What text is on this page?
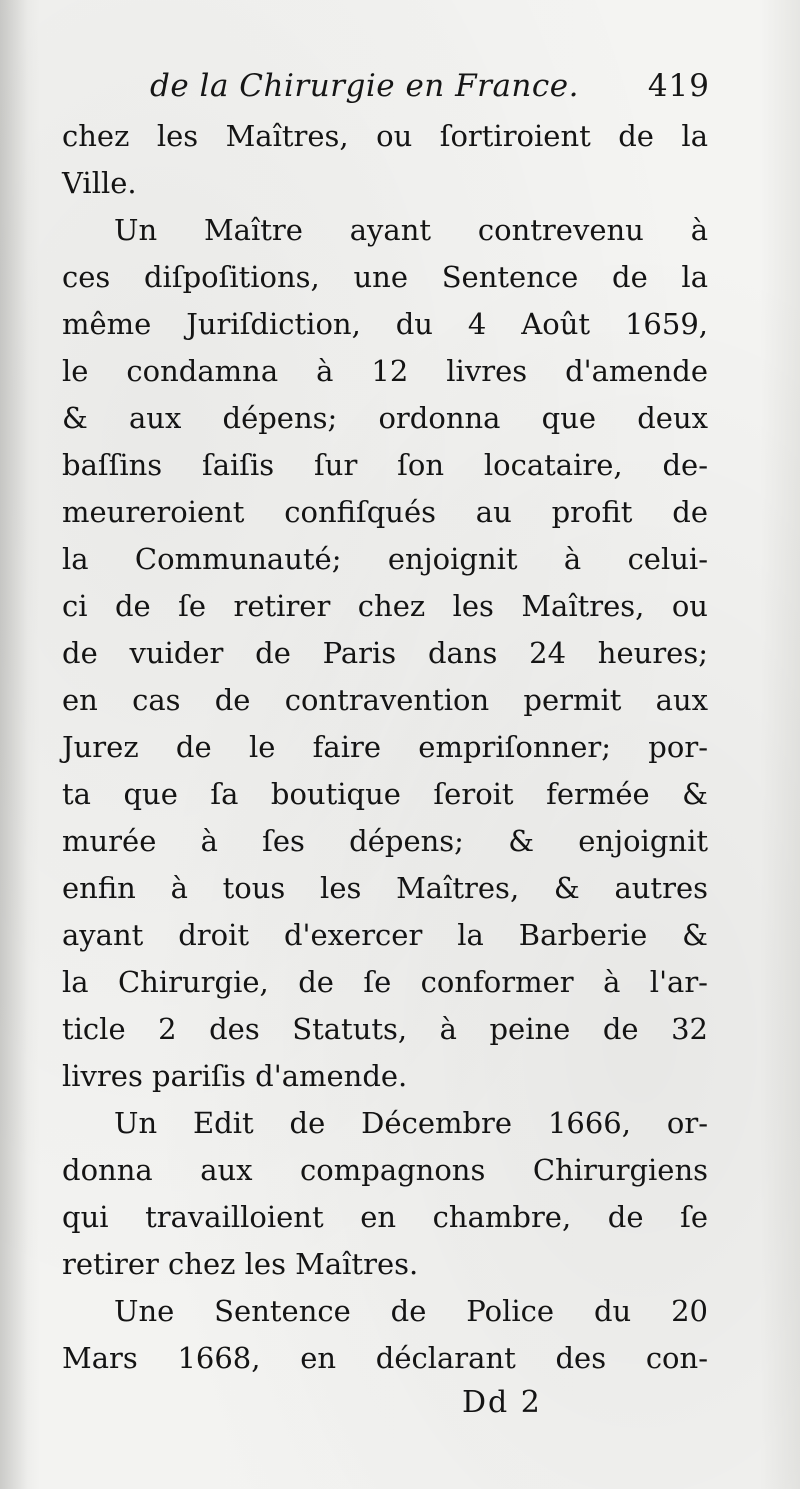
de la Chirurgie en France. 419
chez les Maîtres, ou ſortiroient de la
Ville.
Un Maître ayant contrevenu à
ces diſpoſitions, une Sentence de la
même Juriſdiction, du 4 Août 1659,
le condamna à 12 livres d'amende
& aux dépens; ordonna que deux
baſſins ſaiſis ſur ſon locataire, de-
meureroient confiſqués au profit de
la Communauté; enjoignit à celui-
ci de ſe retirer chez les Maîtres, ou
de vuider de Paris dans 24 heures;
en cas de contravention permit aux
Jurez de le faire empriſonner; por-
ta que ſa boutique ſeroit fermée &
murée à ſes dépens; & enjoignit
enfin à tous les Maîtres, & autres
ayant droit d'exercer la Barberie &
la Chirurgie, de ſe conformer à l'ar-
ticle 2 des Statuts, à peine de 32
livres pariſis d'amende.
Un Edit de Décembre 1666, or-
donna aux compagnons Chirurgiens
qui travailloient en chambre, de ſe
retirer chez les Maîtres.
Une Sentence de Police du 20
Mars 1668, en déclarant des con-
Dd 2
